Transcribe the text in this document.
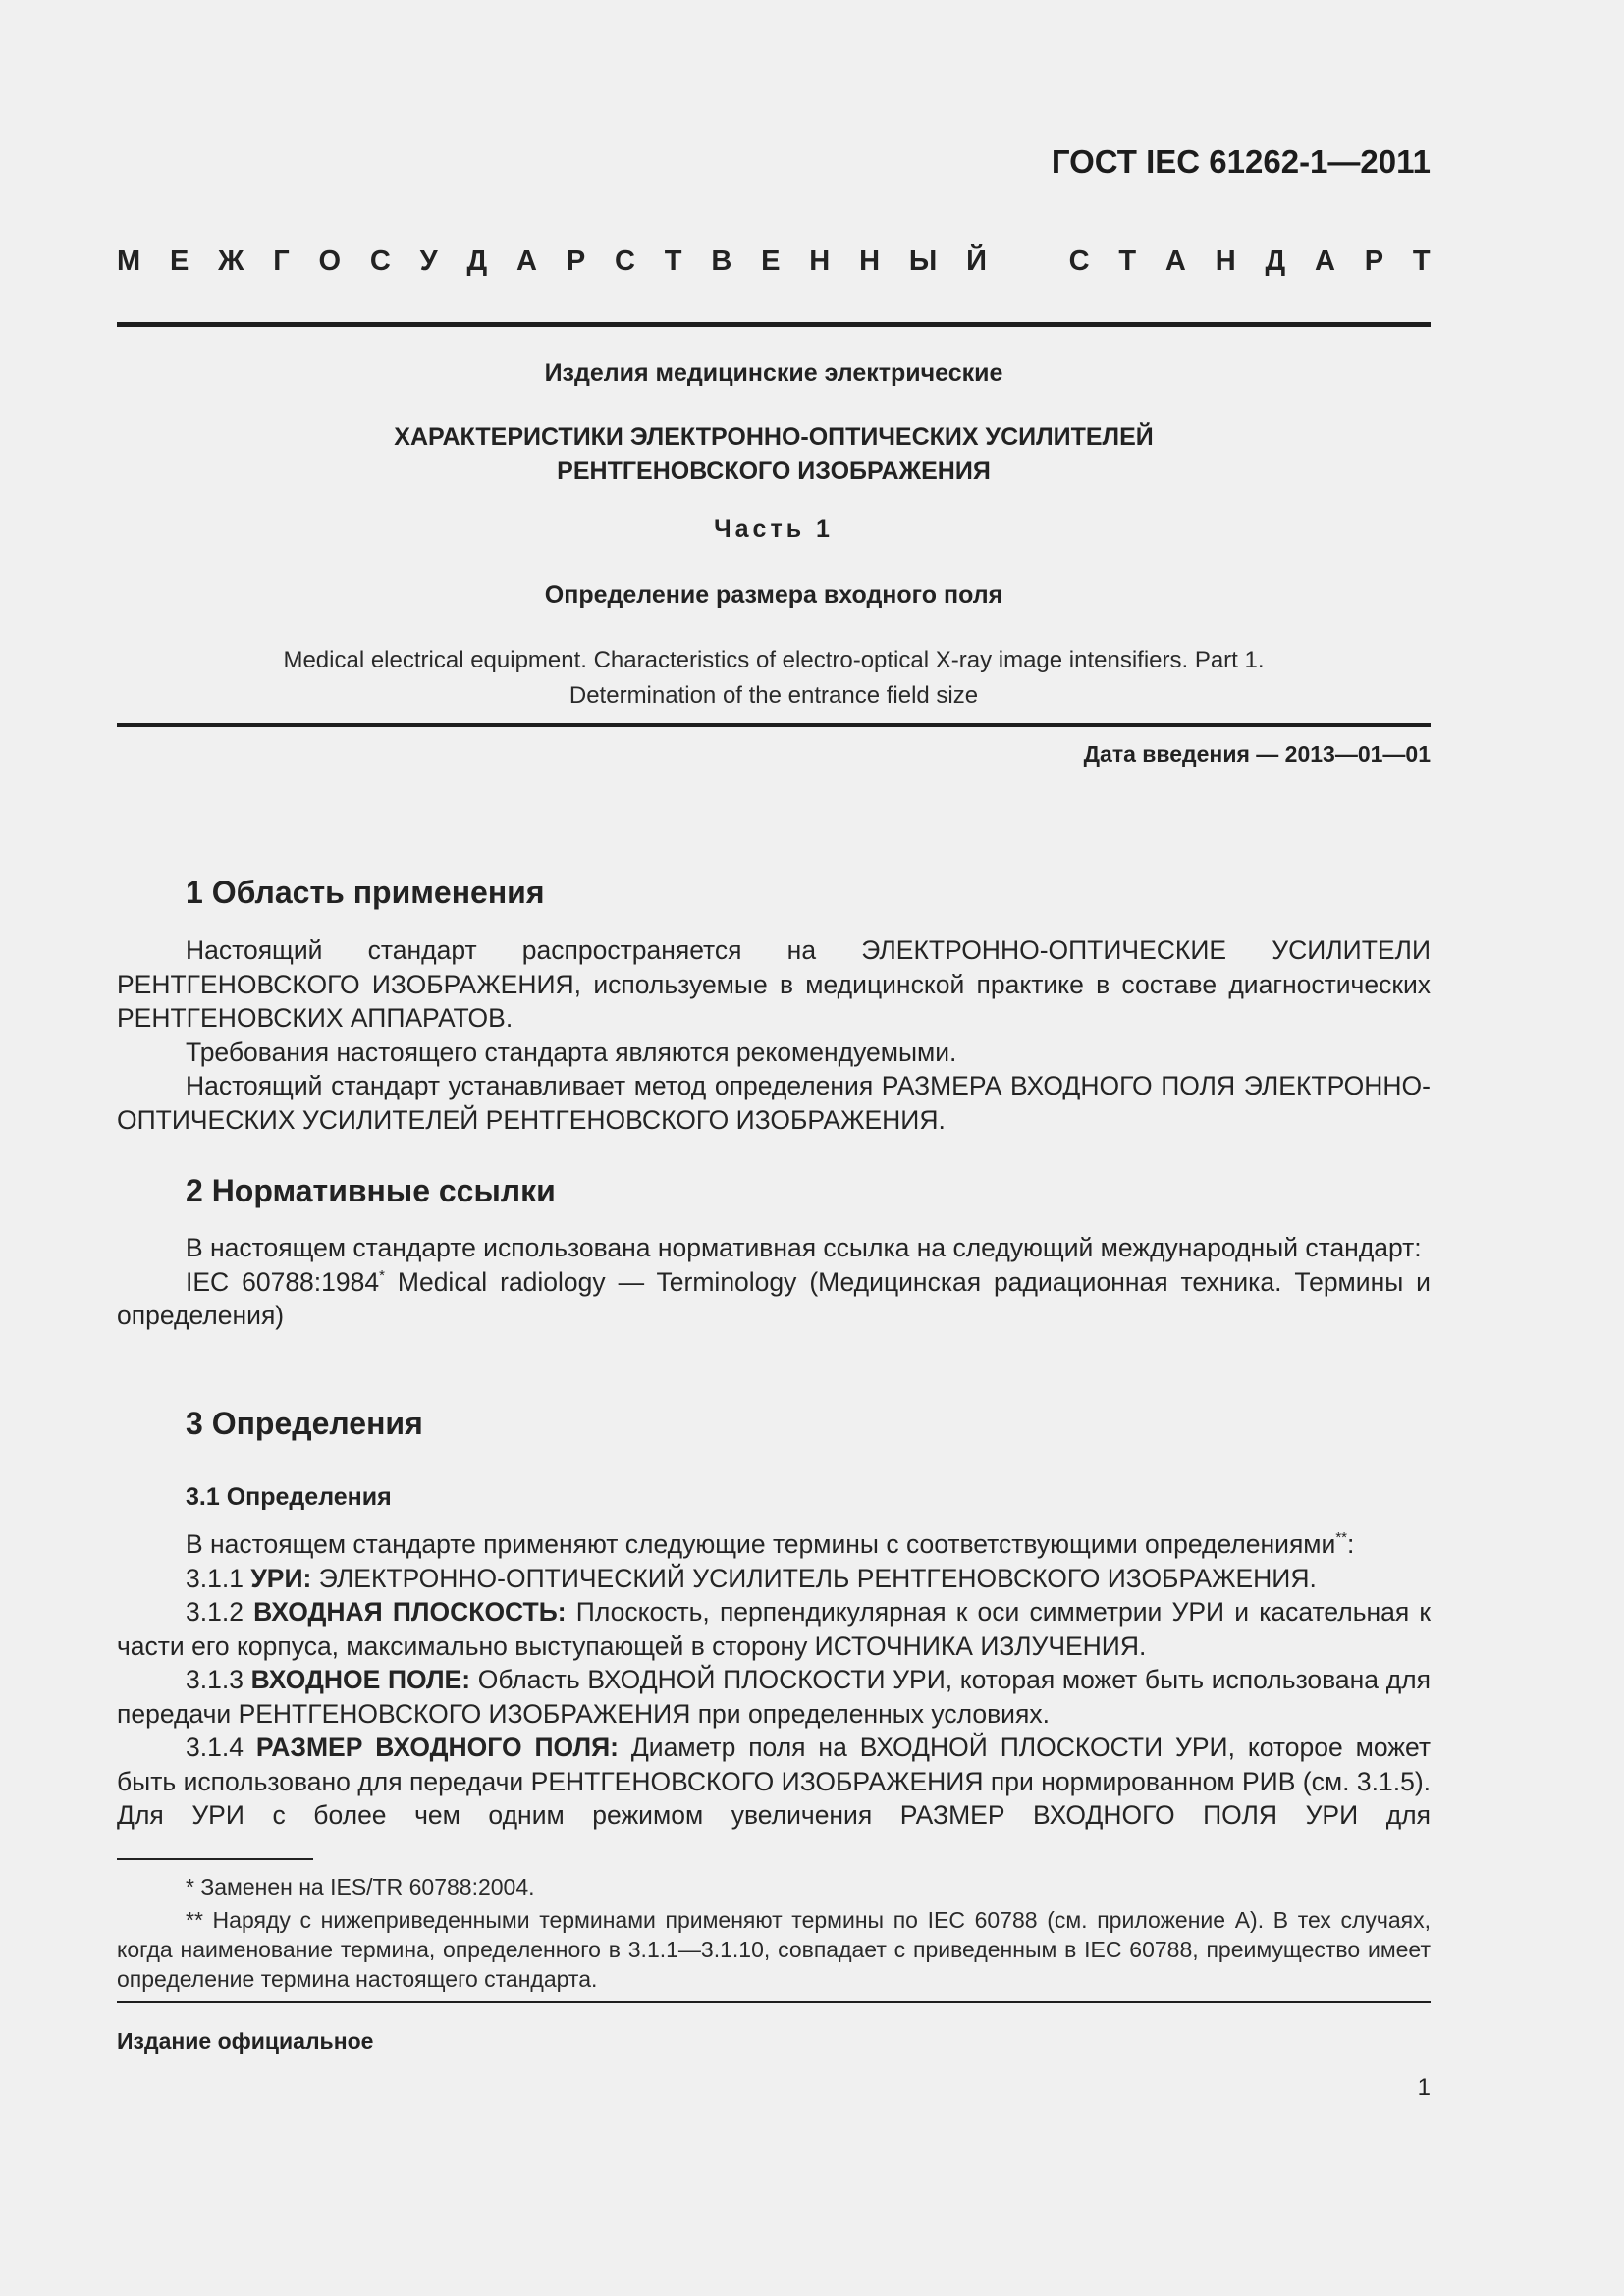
ГОСТ IEC 61262-1—2011
М Е Ж Г О С У Д А Р С Т В Е Н Н Ы Й	С Т А Н Д А Р Т
Изделия медицинские электрические
ХАРАКТЕРИСТИКИ ЭЛЕКТРОННО-ОПТИЧЕСКИХ УСИЛИТЕЛЕЙ
РЕНТГЕНОВСКОГО ИЗОБРАЖЕНИЯ
Часть 1
Определение размера входного поля
Medical electrical equipment. Characteristics of electro-optical X-ray image intensifiers. Part 1.
Determination of the entrance field size
Дата введения — 2013—01—01
1 Область применения

Настоящий стандарт распространяется на ЭЛЕКТРОННО-ОПТИЧЕСКИЕ УСИЛИТЕЛИ РЕНТГЕНОВСКОГО ИЗОБРАЖЕНИЯ, используемые в медицинской практике в составе диагностических РЕНТГЕНОВСКИХ АППАРАТОВ.

Требования настоящего стандарта являются рекомендуемыми.

Настоящий стандарт устанавливает метод определения РАЗМЕРА ВХОДНОГО ПОЛЯ ЭЛЕКТРОННО-ОПТИЧЕСКИХ УСИЛИТЕЛЕЙ РЕНТГЕНОВСКОГО ИЗОБРАЖЕНИЯ.

2 Нормативные ссылки

В настоящем стандарте использована нормативная ссылка на следующий международный стандарт:

IEC 60788:1984* Medical radiology — Terminology (Медицинская радиационная техника. Термины и определения)

3 Определения
3.1 Определения

В настоящем стандарте применяют следующие термины с соответствующими определениями**:

3.1.1 УРИ: ЭЛЕКТРОННО-ОПТИЧЕСКИЙ УСИЛИТЕЛЬ РЕНТГЕНОВСКОГО ИЗОБРАЖЕНИЯ.

3.1.2 ВХОДНАЯ ПЛОСКОСТЬ: Плоскость, перпендикулярная к оси симметрии УРИ и касательная к части его корпуса, максимально выступающей в сторону ИСТОЧНИКА ИЗЛУЧЕНИЯ.

3.1.3 ВХОДНОЕ ПОЛЕ: Область ВХОДНОЙ ПЛОСКОСТИ УРИ, которая может быть использована для передачи РЕНТГЕНОВСКОГО ИЗОБРАЖЕНИЯ при определенных условиях.

3.1.4 РАЗМЕР ВХОДНОГО ПОЛЯ: Диаметр поля на ВХОДНОЙ ПЛОСКОСТИ УРИ, которое может быть использовано для передачи РЕНТГЕНОВСКОГО ИЗОБРАЖЕНИЯ при нормированном РИВ (см. 3.1.5). Для УРИ с более чем одним режимом увеличения РАЗМЕР ВХОДНОГО ПОЛЯ УРИ для

* Заменен на IES/TR 60788:2004.

** Наряду с нижеприведенными терминами применяют термины по IEC 60788 (см. приложение А). В тех случаях, когда наименование термина, определенного в 3.1.1—3.1.10, совпадает с приведенным в IEC 60788, преимущество имеет определение термина настоящего стандарта.

Издание официальное
1
